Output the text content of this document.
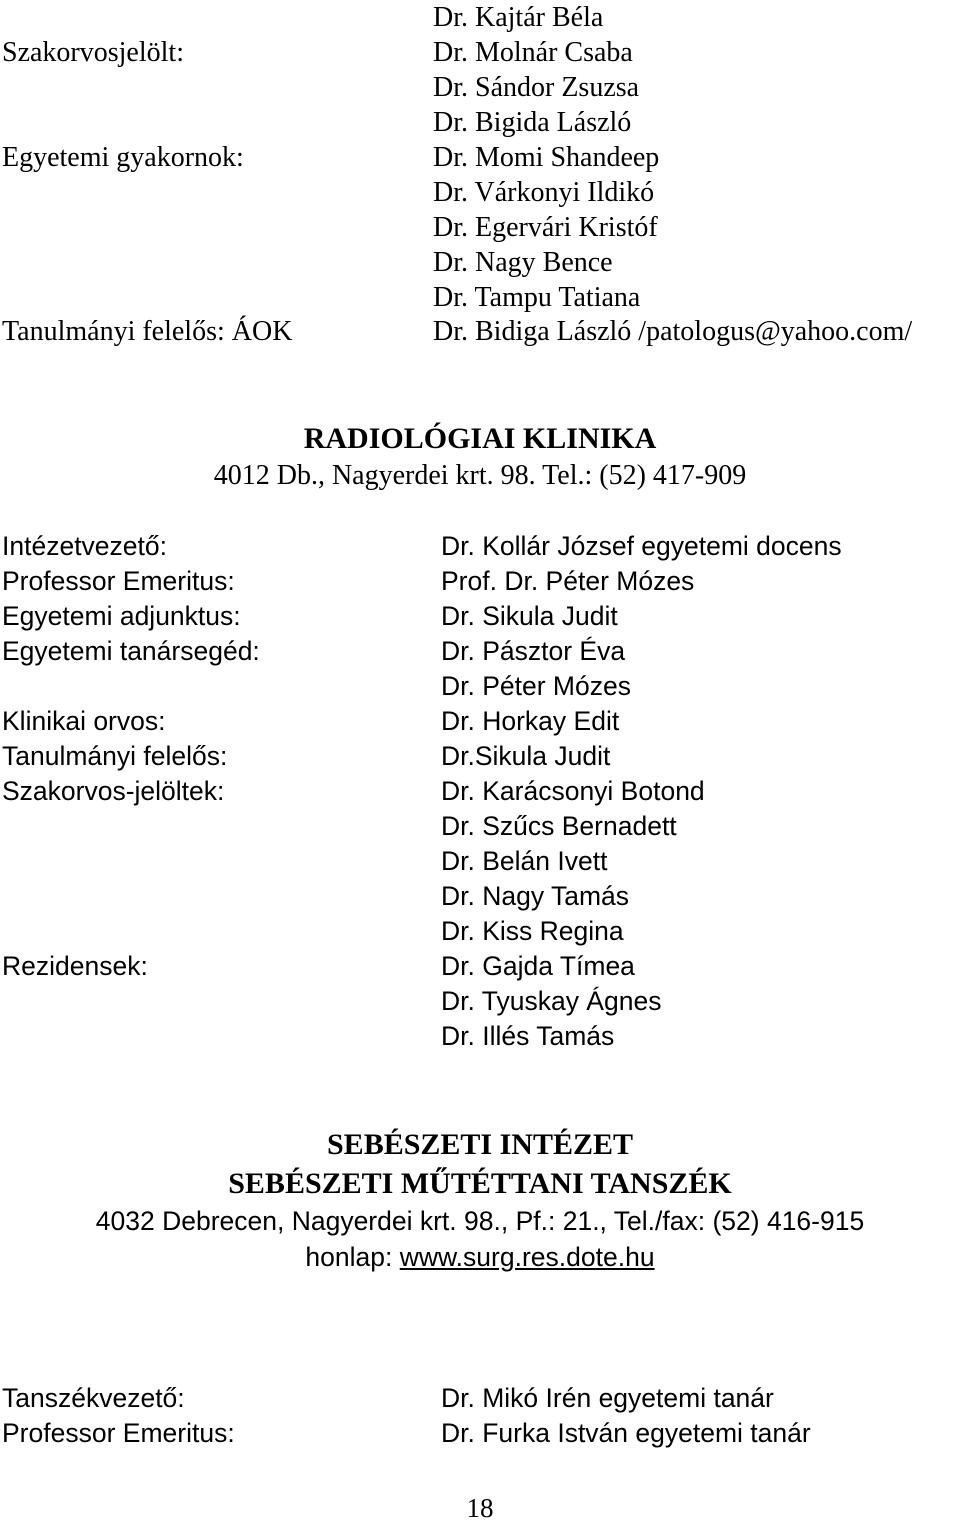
Dr. Kajtár Béla
Szakorvosjelölt:	Dr. Molnár Csaba
Dr. Sándor Zsuzsa
Dr. Bigida László
Egyetemi gyakornok:	Dr. Momi Shandeep
Dr. Várkonyi Ildikó
Dr. Egervári Kristóf
Dr. Nagy Bence
Dr. Tampu Tatiana
Tanulmányi felelős: ÁOK	Dr. Bidiga László /patologus@yahoo.com/
RADIOLÓGIAI KLINIKA
4012 Db., Nagyerdei krt. 98. Tel.: (52) 417-909
Intézetvezető:	Dr. Kollár József egyetemi docens
Professor Emeritus:	Prof. Dr. Péter Mózes
Egyetemi adjunktus:	Dr. Sikula Judit
Egyetemi tanársegéd:	Dr. Pásztor Éva
Dr. Péter Mózes
Klinikai orvos:	Dr. Horkay Edit
Tanulmányi felelős:	Dr.Sikula Judit
Szakorvos-jelöltek:	Dr. Karácsonyi Botond
Dr. Szűcs Bernadett
Dr. Belán Ivett
Dr. Nagy Tamás
Dr. Kiss Regina
Rezidensek:	Dr. Gajda Tímea
Dr. Tyuskay Ágnes
Dr. Illés Tamás
SEBÉSZETI INTÉZET
SEBÉSZETI MŰTÉTTANI TANSZÉK
4032 Debrecen, Nagyerdei krt. 98., Pf.: 21., Tel./fax: (52) 416-915
honlap: www.surg.res.dote.hu
Tanszékvezető:	Dr. Mikó Irén egyetemi tanár
Professor Emeritus:	Dr. Furka István egyetemi tanár
18
